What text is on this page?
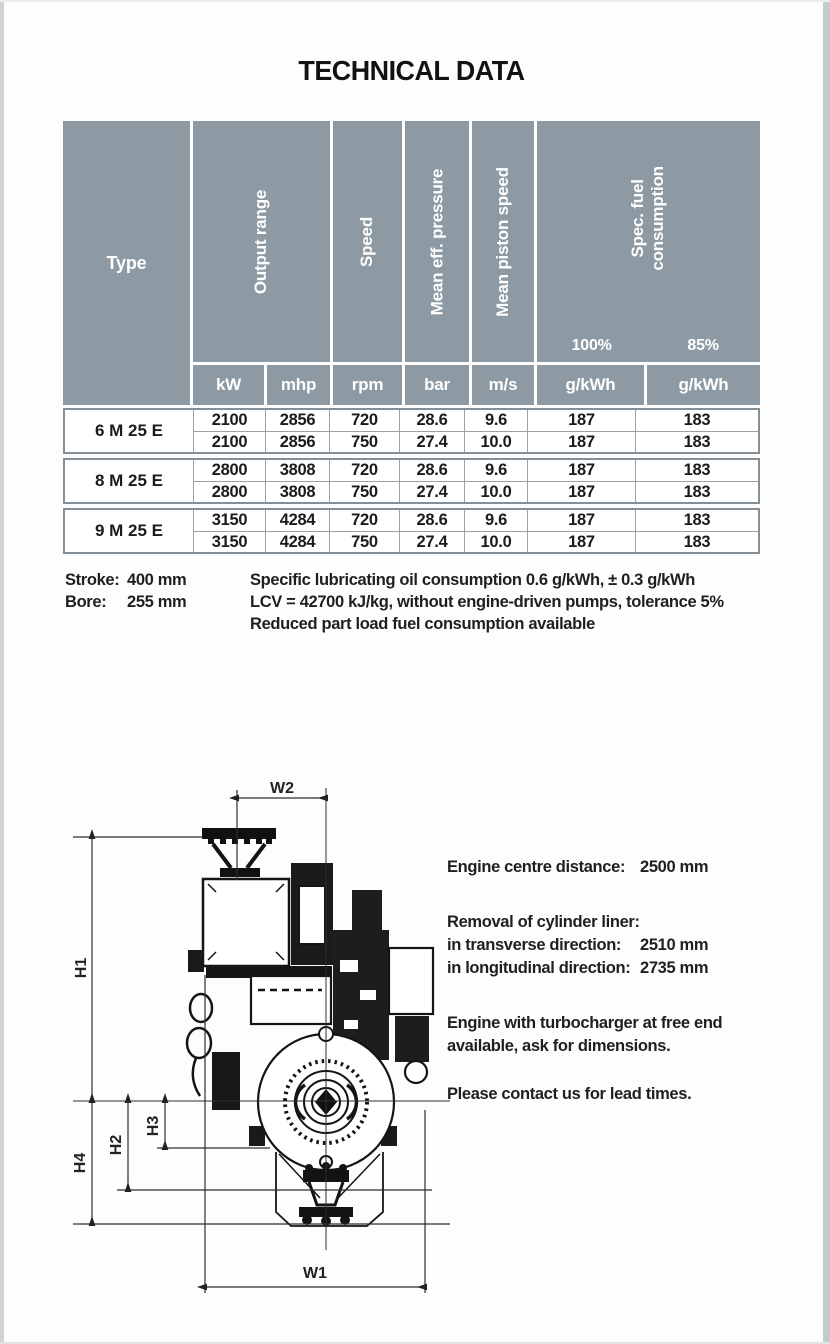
TECHNICAL DATA
Type	Output range	Speed	Mean eff. pressure	Mean piston speed	Spec. fuel consumption
100%	85%
kW	mhp	rpm	bar	m/s	g/kWh	g/kWh
6 M 25 E
2100	2856	720	28.6	9.6	187	183
2100	2856	750	27.4	10.0	187	183
8 M 25 E
2800	3808	720	28.6	9.6	187	183
2800	3808	750	27.4	10.0	187	183
9 M 25 E
3150	4284	720	28.6	9.6	187	183
3150	4284	750	27.4	10.0	187	183
Stroke: 400 mm
Bore:	255 mm
Specific lubricating oil consumption 0.6 g/kWh, ± 0.3 g/kWh
LCV = 42700 kJ/kg, without engine-driven pumps, tolerance 5%
Reduced part load fuel consumption available
W2
H1
H3
H2
H4
W1
Engine centre distance: 2500 mm
Removal of cylinder liner:
in transverse direction:	2510 mm
in longitudinal direction: 2735 mm
Engine with turbocharger at free end
available, ask for dimensions.
Please contact us for lead times.
